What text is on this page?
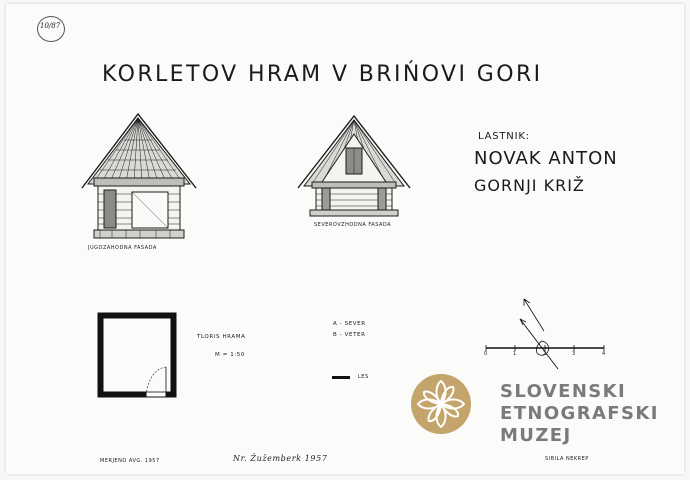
10/87
KORLETOV HRAM V BRIŃOVI GORI
LASTNIK:
NOVAK ANTON
GORNJI KRIŽ
JUGOZAHODNA FASADA
SEVEROVZHODNA FASADA
TLORIS HRAMA
M = 1:50
A - SEVER
B - VETER
LES
0	1	2	3	4
MERJENO AVG. 1957	Nr. Žužemberk 1957	SIBILA NEKREP
SLOVENSKI
ETNOGRAFSKI
MUZEJ
